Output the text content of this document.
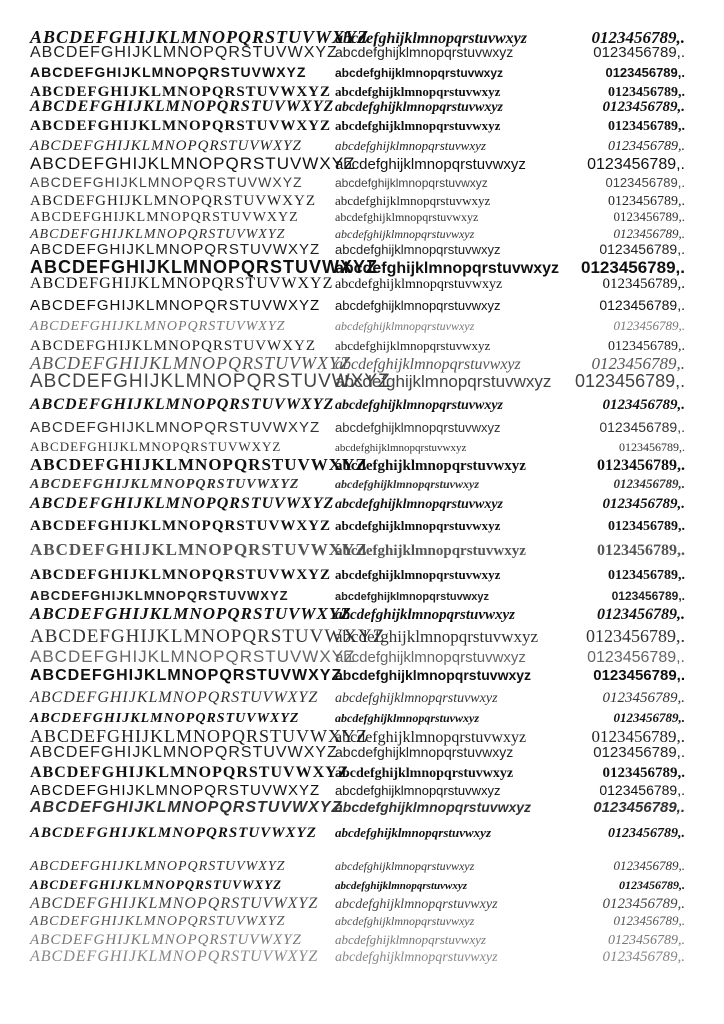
ABCDEFGHIJKLMNOPQRSTUVWXYZabcdefghijklmnopqrstuvwxyz	0123456789,.
ABCDEFGHIJKLMNOPQRSTUVWXYZabcdefghijklmnopqrstuvwxyz	0123456789,.
ABCDEFGHIJKLMNOPQRSTUVWXYZ abcdefghijklmnopqrstuvwxyz	0123456789,.
ABCDEFGHIJKLMNOPQRSTUVWXYZ abcdefghijklmnopqrstuvwxyz	0123456789,.
ABCDEFGHIJKLMNOPQRSTUVWXYZabcdefghijklmnopqrstuvwxyz	0123456789,.
ABCDEFGHIJKLMNOPQRSTUVWXYZ abcdefghijklmnopqrstuvwxyz	0123456789,.
ABCDEFGHIJKLMNOPQRSTUVWXYZ	abcdefghijklmnopqrstuvwxyz	0123456789,.
ABCDEFGHIJKLMNOPQRSTUVWXYZabcdefghijklmnopqrstuvwxyz	0123456789,.
ABCDEFGHIJKLMNOPQRSTUVWXYZ	abcdefghijklmnopqrstuvwxyz	0123456789,.
ABCDEFGHIJKLMNOPQRSTUVWXYZ abcdefghijklmnopqrstuvwxyz	0123456789,.
ABCDEFGHIJKLMNOPQRSTUVWXYZ	abcdefghijklmnopqrstuvwxyz	0123456789,.
ABCDEFGHIJKLMNOPQRSTUVWXYZ	abcdefghijklmnopqrstuvwxyz	0123456789,.
ABCDEFGHIJKLMNOPQRSTUVWXYZ abcdefghijklmnopqrstuvwxyz	0123456789,.
ABCDEFGHIJKLMNOPQRSTUVWXYZabcdefghijklmnopqrstuvwxyz 0123456789,.
ABCDEFGHIJKLMNOPQRSTUVWXYZ abcdefghijklmnopqrstuvwxyz	0123456789,.
ABCDEFGHIJKLMNOPQRSTUVWXYZ abcdefghijklmnopqrstuvwxyz	0123456789,.
ABCDEFGHIJKLMNOPQRSTUVWXYZ	abcdefghijklmnopqrstuvwxyz	0123456789,.
ABCDEFGHIJKLMNOPQRSTUVWXYZ abcdefghijklmnopqrstuvwxyz	0123456789,.
ABCDEFGHIJKLMNOPQRSTUVWXYZabcdefghijklmnopqrstuvwxyz	0123456789,.
ABCDEFGHIJKLMNOPQRSTUVWXYZabcdefghijklmnopqrstuvwxyz 0123456789,.
ABCDEFGHIJKLMNOPQRSTUVWXYZabcdefghijklmnopqrstuvwxyz	0123456789,.
ABCDEFGHIJKLMNOPQRSTUVWXYZ abcdefghijklmnopqrstuvwxyz	0123456789,.
ABCDEFGHIJKLMNOPQRSTUVWXYZ	abcdefghijklmnopqrstuvwxyz	0123456789,.
ABCDEFGHIJKLMNOPQRSTUVWXYZabcdefghijklmnopqrstuvwxyz	0123456789,.
ABCDEFGHIJKLMNOPQRSTUVWXYZ	abcdefghijklmnopqrstuvwxyz	0123456789,.
ABCDEFGHIJKLMNOPQRSTUVWXYZabcdefghijklmnopqrstuvwxyz	0123456789,.
ABCDEFGHIJKLMNOPQRSTUVWXYZ abcdefghijklmnopqrstuvwxyz	0123456789,.
ABCDEFGHIJKLMNOPQRSTUVWXYZabcdefghijklmnopqrstuvwxyz	0123456789,.
ABCDEFGHIJKLMNOPQRSTUVWXYZ abcdefghijklmnopqrstuvwxyz	0123456789,.
ABCDEFGHIJKLMNOPQRSTUVWXYZ	abcdefghijklmnopqrstuvwxyz	0123456789,.
ABCDEFGHIJKLMNOPQRSTUVWXYZabcdefghijklmnopqrstuvwxyz	0123456789,.
ABCDEFGHIJKLMNOPQRSTUVWXYZabcdefghijklmnopqrstuvwxyz	0123456789,.
ABCDEFGHIJKLMNOPQRSTUVWXYZabcdefghijklmnopqrstuvwxyz	0123456789,.
ABCDEFGHIJKLMNOPQRSTUVWXYZabcdefghijklmnopqrstuvwxyz	0123456789,.
ABCDEFGHIJKLMNOPQRSTUVWXYZ abcdefghijklmnopqrstuvwxyz	0123456789,.
ABCDEFGHIJKLMNOPQRSTUVWXYZ	abcdefghijklmnopqrstuvwxyz	0123456789,.
ABCDEFGHIJKLMNOPQRSTUVWXYZabcdefghijklmnopqrstuvwxyz	0123456789,.
ABCDEFGHIJKLMNOPQRSTUVWXYZabcdefghijklmnopqrstuvwxyz	0123456789,.
ABCDEFGHIJKLMNOPQRSTUVWXYZabcdefghijklmnopqrstuvwxyz	0123456789,.
ABCDEFGHIJKLMNOPQRSTUVWXYZ abcdefghijklmnopqrstuvwxyz	0123456789,.
ABCDEFGHIJKLMNOPQRSTUVWXYZabcdefghijklmnopqrstuvwxyz	0123456789,.
ABCDEFGHIJKLMNOPQRSTUVWXYZ abcdefghijklmnopqrstuvwxyz	0123456789,.
ABCDEFGHIJKLMNOPQRSTUVWXYZ	abcdefghijklmnopqrstuvwxyz	0123456789,.
ABCDEFGHIJKLMNOPQRSTUVWXYZ	abcdefghijklmnopqrstuvwxyz	0123456789,.
ABCDEFGHIJKLMNOPQRSTUVWXYZ abcdefghijklmnopqrstuvwxyz	0123456789,.
ABCDEFGHIJKLMNOPQRSTUVWXYZ	abcdefghijklmnopqrstuvwxyz	0123456789,.
ABCDEFGHIJKLMNOPQRSTUVWXYZ	abcdefghijklmnopqrstuvwxyz	0123456789,.
ABCDEFGHIJKLMNOPQRSTUVWXYZ abcdefghijklmnopqrstuvwxyz	0123456789,.
